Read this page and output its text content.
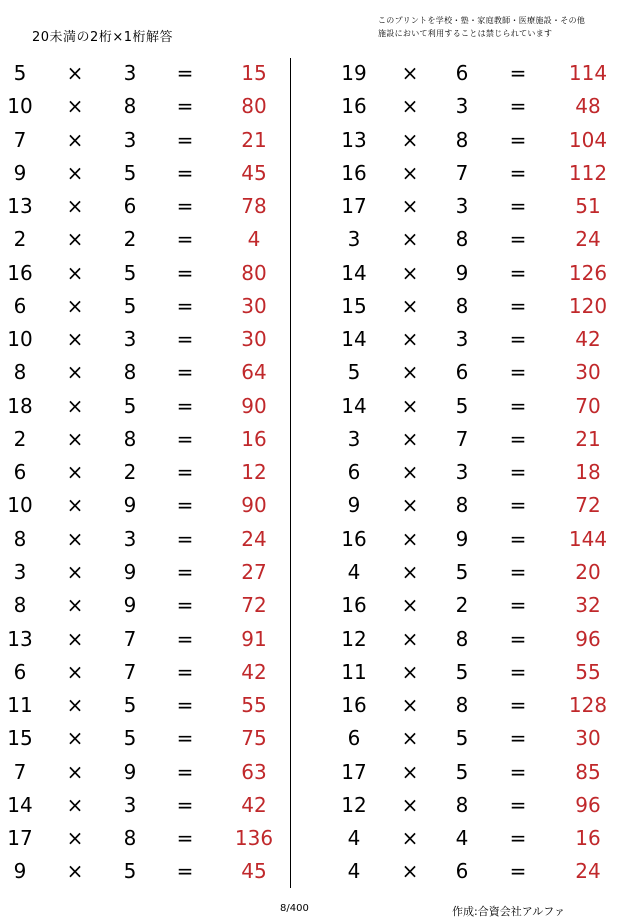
20未満の2桁×1桁解答
このプリントを学校・塾・家庭教師・医療施設・その他
施設において利用することは禁じられています
5	×	3	=	15
10	×	8	=	80
7	×	3	=	21
9	×	5	=	45
13	×	6	=	78
2	×	2	=	4
16	×	5	=	80
6	×	5	=	30
10	×	3	=	30
8	×	8	=	64
18	×	5	=	90
2	×	8	=	16
6	×	2	=	12
10	×	9	=	90
8	×	3	=	24
3	×	9	=	27
8	×	9	=	72
13	×	7	=	91
6	×	7	=	42
11	×	5	=	55
15	×	5	=	75
7	×	9	=	63
14	×	3	=	42
17	×	8	=	136
9	×	5	=	45
19	×	6	=	114
16	×	3	=	48
13	×	8	=	104
16	×	7	=	112
17	×	3	=	51
3	×	8	=	24
14	×	9	=	126
15	×	8	=	120
14	×	3	=	42
5	×	6	=	30
14	×	5	=	70
3	×	7	=	21
6	×	3	=	18
9	×	8	=	72
16	×	9	=	144
4	×	5	=	20
16	×	2	=	32
12	×	8	=	96
11	×	5	=	55
16	×	8	=	128
6	×	5	=	30
17	×	5	=	85
12	×	8	=	96
4	×	4	=	16
4	×	6	=	24
8/400	作成:合資会社アルファ
